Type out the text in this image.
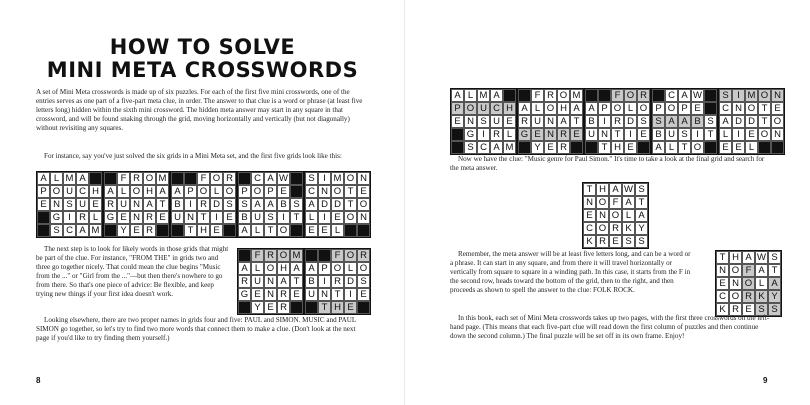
HOW TO SOLVE
MINI META CROSSWORDS

A set of Mini Meta crosswords is made up of six puzzles. For each of the first five mini crosswords, one of the entries serves as one part of a five-part meta clue, in order. The answer to that clue is a word or phrase (at least five letters long) hidden within the sixth mini crossword. The hidden meta answer may start in any square in that crossword, and will be found snaking through the grid, moving horizontally and vertically (but not diagonally) without revisiting any squares.

For instance, say you've just solved the six grids in a Mini Meta set, and the first five grids look like this:

A L M A
P O U C H
E N S U E
G I R L
S C A M
F R O M
A L O H A
R U N A T
G E N R E
Y E R
F O R
A P O L O
B I R D S
U N T I E
T H E
C A W
P O P E
S A A B S
B U S I T
A L T O
S I M O N
C N O T E
A D D T O
L I E O N
E E L

The next step is to look for likely words in those grids that might be part of the clue. For instance, "FROM THE" in grids two and three go together nicely. That could mean the clue begins "Music from the ..." or "Girl from the ..."—but then there's nowhere to go from there. So that's one piece of advice: Be flexible, and keep trying new things if your first idea doesn't work.

F R O M
A L O H A
R U N A T
G E N R E
Y E R
F O R
A P O L O
B I R D S
U N T I E
T H E

Looking elsewhere, there are two proper names in grids four and five: PAUL and SIMON. MUSIC and PAUL SIMON go together, so let's try to find two more words that connect them to make a clue. (Don't look at the next page if you'd like to try finding them yourself.)

8
A L M A
P O U C H
E N S U E
G I R L
S C A M
F R O M
A L O H A
R U N A T
G E N R E
Y E R
F O R
A P O L O
B I R D S
U N T I E
T H E
C A W
P O P E
S A A B S
B U S I T
A L T O
S I M O N
C N O T E
A D D T O
L I E O N
E E L

Now we have the clue: "Music genre for Paul Simon." It's time to take a look at the final grid and search for the meta answer.

T H A W S
N O F A T
E N O L A
C O R K Y
K R E S S

Remember, the meta answer will be at least five letters long, and can be a word or a phrase. It can start in any square, and from there it will travel horizontally or vertically from square to square in a winding path. In this case, it starts from the F in the second row, heads toward the bottom of the grid, then to the right, and then proceeds as shown to spell the answer to the clue: FOLK ROCK.

T H A W S
N O F A T
E N O L A
C O R K Y
K R E S S

In this book, each set of Mini Meta crosswords takes up two pages, with the first three crosswords on the left-hand page. (This means that each five-part clue will read down the first column of puzzles and then continue down the second column.) The final puzzle will be set off in its own frame. Enjoy!

9
